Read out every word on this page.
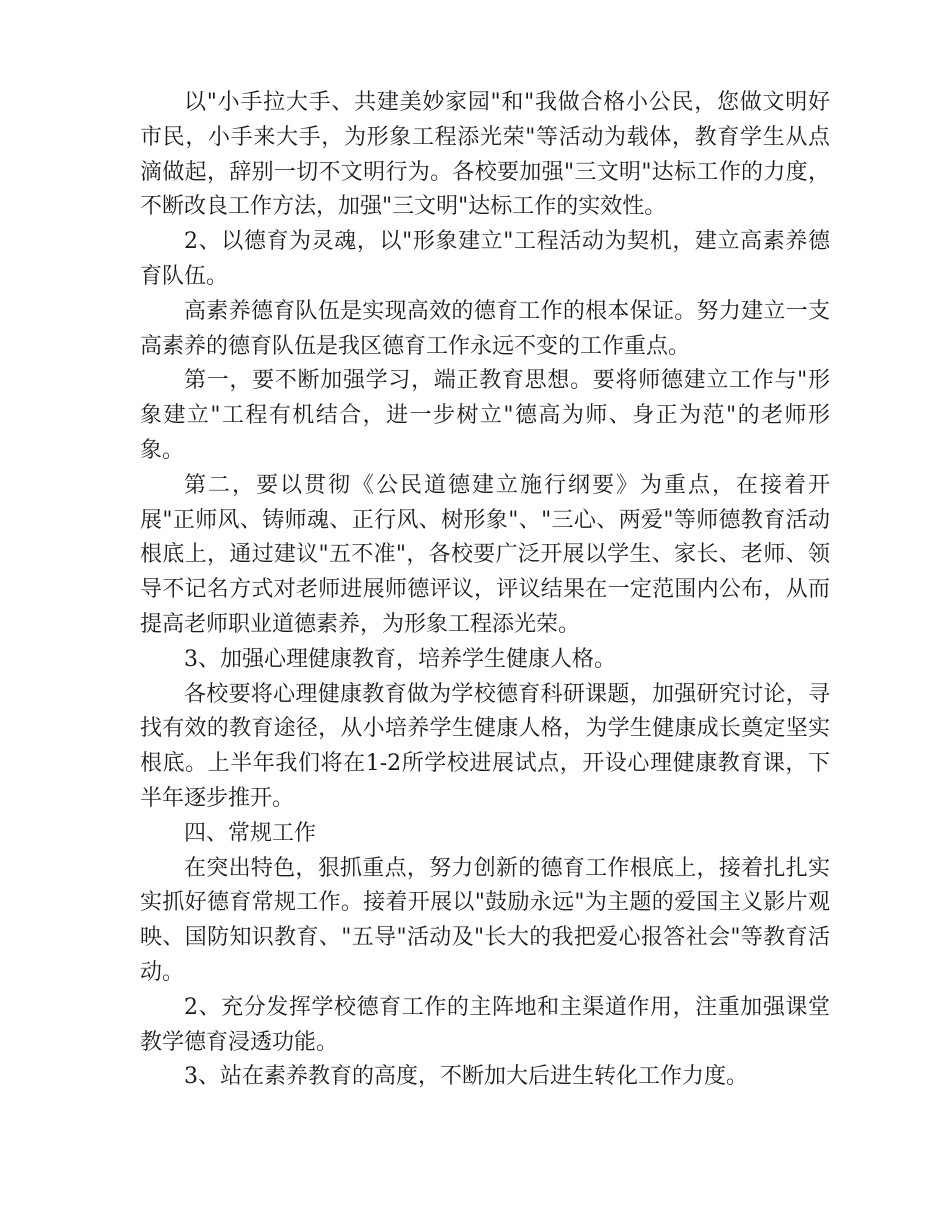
以"小手拉大手、共建美妙家园"和"我做合格小公民，您做文明好市民，小手来大手，为形象工程添光荣"等活动为载体，教育学生从点滴做起，辞别一切不文明行为。各校要加强"三文明"达标工作的力度，不断改良工作方法，加强"三文明"达标工作的实效性。

2、以德育为灵魂，以"形象建立"工程活动为契机，建立高素养德育队伍。

高素养德育队伍是实现高效的德育工作的根本保证。努力建立一支高素养的德育队伍是我区德育工作永远不变的工作重点。

第一，要不断加强学习，端正教育思想。要将师德建立工作与"形象建立"工程有机结合，进一步树立"德高为师、身正为范"的老师形象。

第二，要以贯彻《公民道德建立施行纲要》为重点，在接着开展"正师风、铸师魂、正行风、树形象"、"三心、两爱"等师德教育活动根底上，通过建议"五不准"，各校要广泛开展以学生、家长、老师、领导不记名方式对老师进展师德评议，评议结果在一定范围内公布，从而提高老师职业道德素养，为形象工程添光荣。

3、加强心理健康教育，培养学生健康人格。

各校要将心理健康教育做为学校德育科研课题，加强研究讨论，寻找有效的教育途径，从小培养学生健康人格，为学生健康成长奠定坚实根底。上半年我们将在1-2所学校进展试点，开设心理健康教育课，下半年逐步推开。

四、常规工作

在突出特色，狠抓重点，努力创新的德育工作根底上，接着扎扎实实抓好德育常规工作。接着开展以"鼓励永远"为主题的爱国主义影片观映、国防知识教育、"五导"活动及"长大的我把爱心报答社会"等教育活动。

2、充分发挥学校德育工作的主阵地和主渠道作用，注重加强课堂教学德育浸透功能。

3、站在素养教育的高度，不断加大后进生转化工作力度。
